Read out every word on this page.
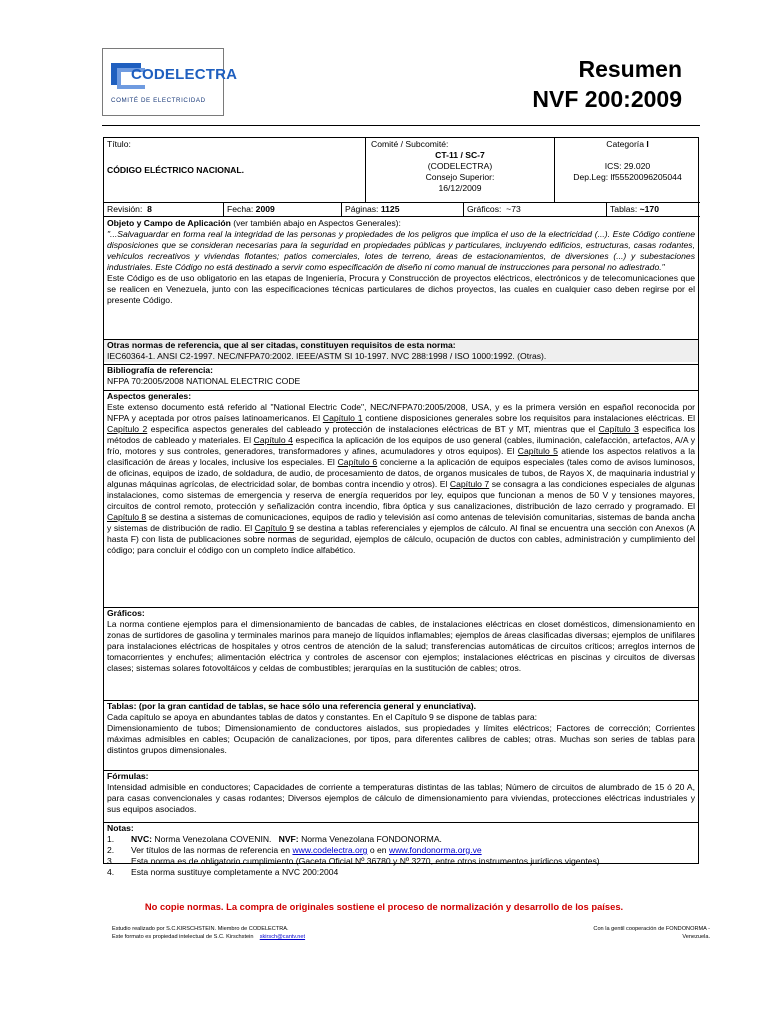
CODELECTRA
COMITÉ DE ELECTRICIDAD
Resumen
NVF 200:2009
Título:
CÓDIGO ELÉCTRICO NACIONAL.
Comité / Subcomité:
CT-11 / SC-7
(CODELECTRA)
Consejo Superior:
16/12/2009
Categoría I
ICS: 29.020
Dep.Leg: lf55520096205044
Revisión: 8	Fecha: 2009	Páginas: 1125	Gráficos: ~73	Tablas: ~170
Objeto y Campo de Aplicación (ver también abajo en Aspectos Generales):
"...Salvaguardar en forma real la integridad de las personas y propiedades de los peligros que implica el uso de la electricidad (...). Este Código contiene disposiciones que se consideran necesarias para la seguridad en propiedades públicas y particulares, incluyendo edificios, estructuras, casas rodantes, vehículos recreativos y viviendas flotantes; patios comerciales, lotes de terreno, áreas de estacionamientos, de diversiones (...) y subestaciones industriales. Este Código no está destinado a servir como especificación de diseño ni como manual de instrucciones para personal no adiestrado."
Este Código es de uso obligatorio en las etapas de Ingeniería, Procura y Construcción de proyectos eléctricos, electrónicos y de telecomunicaciones que se realicen en Venezuela, junto con las especificaciones técnicas particulares de dichos proyectos, las cuales en cualquier caso deben regirse por el presente Código.
Otras normas de referencia, que al ser citadas, constituyen requisitos de esta norma:
IEC60364-1. ANSI C2-1997. NEC/NFPA70:2002. IEEE/ASTM SI 10-1997. NVC 288:1998 / ISO 1000:1992. (Otras).
Bibliografía de referencia:
NFPA 70:2005/2008 NATIONAL ELECTRIC CODE
Aspectos generales:
Este extenso documento está referido al "National Electric Code", NEC/NFPA70:2005/2008, USA, y es la primera versión en español reconocida por NFPA y aceptada por otros países latinoamericanos. El Capítulo 1 contiene disposiciones generales sobre los requisitos para instalaciones eléctricas. El Capítulo 2 especifica aspectos generales del cableado y protección de instalaciones eléctricas de BT y MT, mientras que el Capítulo 3 especifica los métodos de cableado y materiales. El Capítulo 4 especifica la aplicación de los equipos de uso general (cables, iluminación, calefacción, artefactos, A/A y frío, motores y sus controles, generadores, transformadores y afines, acumuladores y otros equipos). El Capítulo 5 atiende los aspectos relativos a la clasificación de áreas y locales, inclusive los especiales. El Capítulo 6 concierne a la aplicación de equipos especiales (tales como de avisos luminosos, de oficinas, equipos de izado, de soldadura, de audio, de procesamiento de datos, de organos musicales de tubos, de Rayos X, de maquinaria industrial y algunas máquinas agrícolas, de electricidad solar, de bombas contra incendio y otros). El Capítulo 7 se consagra a las condiciones especiales de algunas instalaciones, como sistemas de emergencia y reserva de energía requeridos por ley, equipos que funcionan a menos de 50 V y tensiones mayores, circuitos de control remoto, protección y señalización contra incendio, fibra óptica y sus canalizaciones, distribución de lazo cerrado y programado. El Capítulo 8 se destina a sistemas de comunicaciones, equipos de radio y televisión así como antenas de televisión comunitarias, sistemas de banda ancha y sistemas de distribución de radio. El Capítulo 9 se destina a tablas referenciales y ejemplos de cálculo. Al final se encuentra una sección con Anexos (A hasta F) con lista de publicaciones sobre normas de seguridad, ejemplos de cálculo, ocupación de ductos con cables, administración y cumplimiento del código; para concluir el código con un completo índice alfabético.
Gráficos:
La norma contiene ejemplos para el dimensionamiento de bancadas de cables, de instalaciones eléctricas en closet domésticos, dimensionamiento en zonas de surtidores de gasolina y terminales marinos para manejo de líquidos inflamables; ejemplos de áreas clasificadas diversas; ejemplos de unifilares para instalaciones eléctricas de hospitales y otros centros de atención de la salud; transferencias automáticas de circuitos críticos; arreglos internos de tomacorrientes y enchufes; alimentación eléctrica y controles de ascensor con ejemplos; instalaciones eléctricas en piscinas y circuitos de diversas clases; sistemas solares fotovoltáicos y celdas de combustibles; jerarquías en la sustitución de cables; otros.
Tablas: (por la gran cantidad de tablas, se hace sólo una referencia general y enunciativa).
Cada capítulo se apoya en abundantes tablas de datos y constantes. En el Capítulo 9 se dispone de tablas para:
Dimensionamiento de tubos; Dimensionamiento de conductores aislados, sus propiedades y límites eléctricos; Factores de corrección; Corrientes máximas admisibles en cables; Ocupación de canalizaciones, por tipos, para diferentes calibres de cables; otras. Muchas son series de tablas para distintos grupos dimensionales.
Fórmulas:
Intensidad admisible en conductores; Capacidades de corriente a temperaturas distintas de las tablas; Número de circuitos de alumbrado de 15 ó 20 A, para casas convencionales y casas rodantes; Diversos ejemplos de cálculo de dimensionamiento para viviendas, protecciones eléctricas industriales y sus equipos asociados.
Notas:
1. NVC: Norma Venezolana COVENIN. NVF: Norma Venezolana FONDONORMA.
2. Ver títulos de las normas de referencia en www.codelectra.org o en www.fondonorma.org.ve
3. Esta norma es de obligatorio cumplimiento (Gaceta Oficial Nº 36780 y Nº 3270, entre otros instrumentos jurídicos vigentes).
4. Esta norma sustituye completamente a NVC 200:2004
No copie normas. La compra de originales sostiene el proceso de normalización y desarrollo de los países.
Estudio realizado por S.C.KIRSCHSTEIN. Miembro de CODELECTRA.
Este formato es propiedad intelectual de S.C. Kirschstein skirsch@cantv.net
Con la gentil cooperación de FONDONORMA -
Venezuela.
